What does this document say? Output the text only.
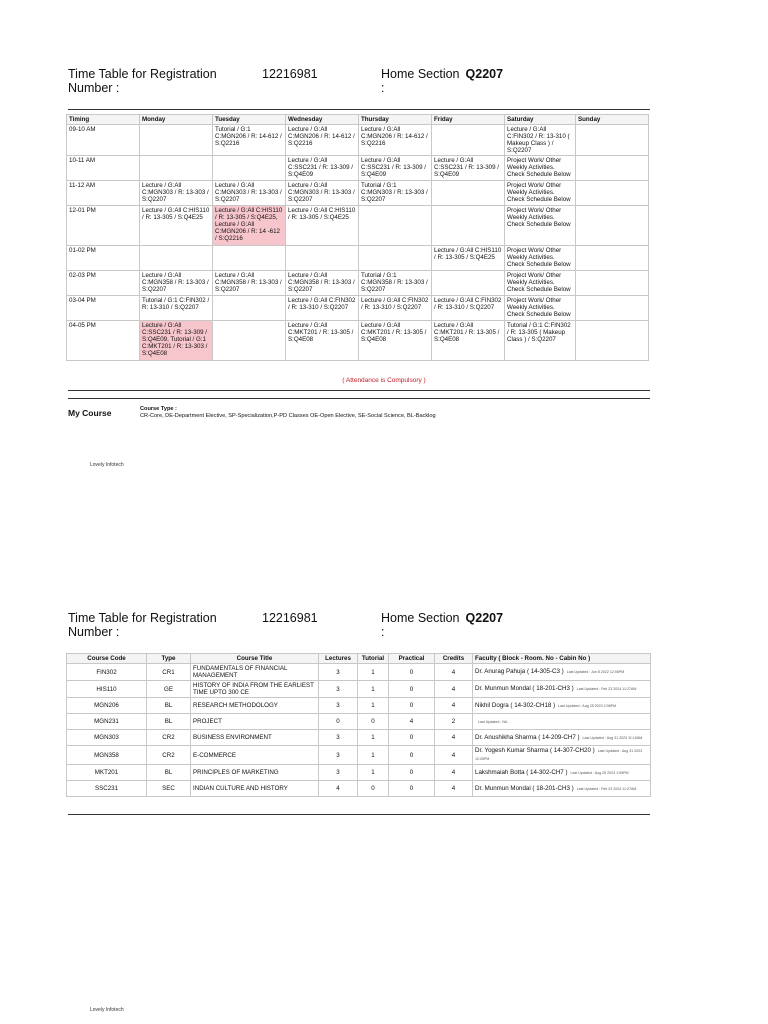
Time Table for Registration
Number :
12216981	Home Section Q2207
:
Timing	Monday	Tuesday	Wednesday	Thursday	Friday	Saturday	Sunday
09-10 AM		Tutorial / G:1 C:MGN206 / R: 14-612 / S:Q2216	Lecture / G:All C:MGN206 / R: 14-612 / S:Q2216	Lecture / G:All C:MGN206 / R: 14-612 / S:Q2216		Lecture / G:All C:FIN302 / R: 13-310 ( Makeup Class ) / S:Q2207	
10-11 AM			Lecture / G:All C:SSC231 / R: 13-309 / S:Q4E09	Lecture / G:All C:SSC231 / R: 13-309 / S:Q4E09	Lecture / G:All C:SSC231 / R: 13-309 / S:Q4E09	Project Work/ Other Weekly Activities. Check Schedule Below	
11-12 AM	Lecture / G:All C:MGN303 / R: 13-303 / S:Q2207	Lecture / G:All C:MGN303 / R: 13-303 / S:Q2207	Lecture / G:All C:MGN303 / R: 13-303 / S:Q2207	Tutorial / G:1 C:MGN303 / R: 13-303 / S:Q2207		Project Work/ Other Weekly Activities. Check Schedule Below	
12-01 PM	Lecture / G:All C:HIS110 / R: 13-305 / S:Q4E25	Lecture / G:All C:HIS110 / R: 13-305 / S:Q4E25, Lecture / G:All C:MGN206 / R: 14 -612 / S:Q2216	Lecture / G:All C:HIS110 / R: 13-305 / S:Q4E25			Project Work/ Other Weekly Activities. Check Schedule Below	
01-02 PM					Lecture / G:All C:HIS110 / R: 13-305 / S:Q4E25	Project Work/ Other Weekly Activities. Check Schedule Below	
02-03 PM	Lecture / G:All C:MGN358 / R: 13-303 / S:Q2207	Lecture / G:All C:MGN358 / R: 13-303 / S:Q2207	Lecture / G:All C:MGN358 / R: 13-303 / S:Q2207	Tutorial / G:1 C:MGN358 / R: 13-303 / S:Q2207		Project Work/ Other Weekly Activities. Check Schedule Below	
03-04 PM	Tutorial / G:1 C:FIN302 / R: 13-310 / S:Q2207		Lecture / G:All C:FIN302 / R: 13-310 / S:Q2207	Lecture / G:All C:FIN302 / R: 13-310 / S:Q2207	Lecture / G:All C:FIN302 / R: 13-310 / S:Q2207	Project Work/ Other Weekly Activities. Check Schedule Below	
04-05 PM	Lecture / G:All C:SSC231 / R: 13-309 / S:Q4E09, Tutorial / G:1 C:MKT201 / R: 13-303 / S:Q4E08		Lecture / G:All C:MKT201 / R: 13-305 / S:Q4E08	Lecture / G:All C:MKT201 / R: 13-305 / S:Q4E08	Lecture / G:All C:MKT201 / R: 13-305 / S:Q4E08	Tutorial / G:1 C:FIN302 / R: 13-305 ( Makeup Class ) / S:Q2207	
( Attendance is Compulsory )
My Course	Course Type :
CR-Core, DE-Department Elective, SP-Specialization,P-PD Classes OE-Open Elective, SE-Social Science, BL-Backlog
Lovely Infotech
Time Table for Registration
Number :
12216981	Home Section Q2207
:
Course Code	Type	Course Title	Lectures	Tutorial	Practical	Credits	Faculty ( Block - Room. No - Cabin No )
FIN302	CR1	FUNDAMENTALS OF FINANCIAL MANAGEMENT	3	1	0	4	Dr. Anurag Pahuja ( 14-305-C3 ) Last Updated : Jun 8 2022 12:06PM
HIS110	GE	HISTORY OF INDIA FROM THE EARLIEST TIME UPTO 300 CE	3	1	0	4	Dr. Munmun Mondal ( 18-201-CH3 ) Last Updated : Feb 23 2024 11:27AM
MGN206	BL	RESEARCH METHODOLOGY	3	1	0	4	Nikhil Dogra ( 14-302-CH18 ) Last Updated : Aug 25 2023 2:08PM
MGN231	BL	PROJECT	0	0	4	2	Last Updated : NA
MGN303	CR2	BUSINESS ENVIRONMENT	3	1	0	4	Dr. Anushikha Sharma ( 14-209-CH7 ) Last Updated : Aug 31 2023 11:10AM
MGN358	CR2	E-COMMERCE	3	1	0	4	Dr. Yogesh Kumar Sharma ( 14-307-CH20 ) Last Updated : Aug 31 2023 12:05PM
MKT201	BL	PRINCIPLES OF MARKETING	3	1	0	4	Lakshmaiah Botta ( 14-302-CH7 ) Last Updated : Aug 25 2023 1:59PM
SSC231	SEC	INDIAN CULTURE AND HISTORY	4	0	0	4	Dr. Munmun Mondal ( 18-201-CH3 ) Last Updated : Feb 23 2024 11:27AM
Lovely Infotech
